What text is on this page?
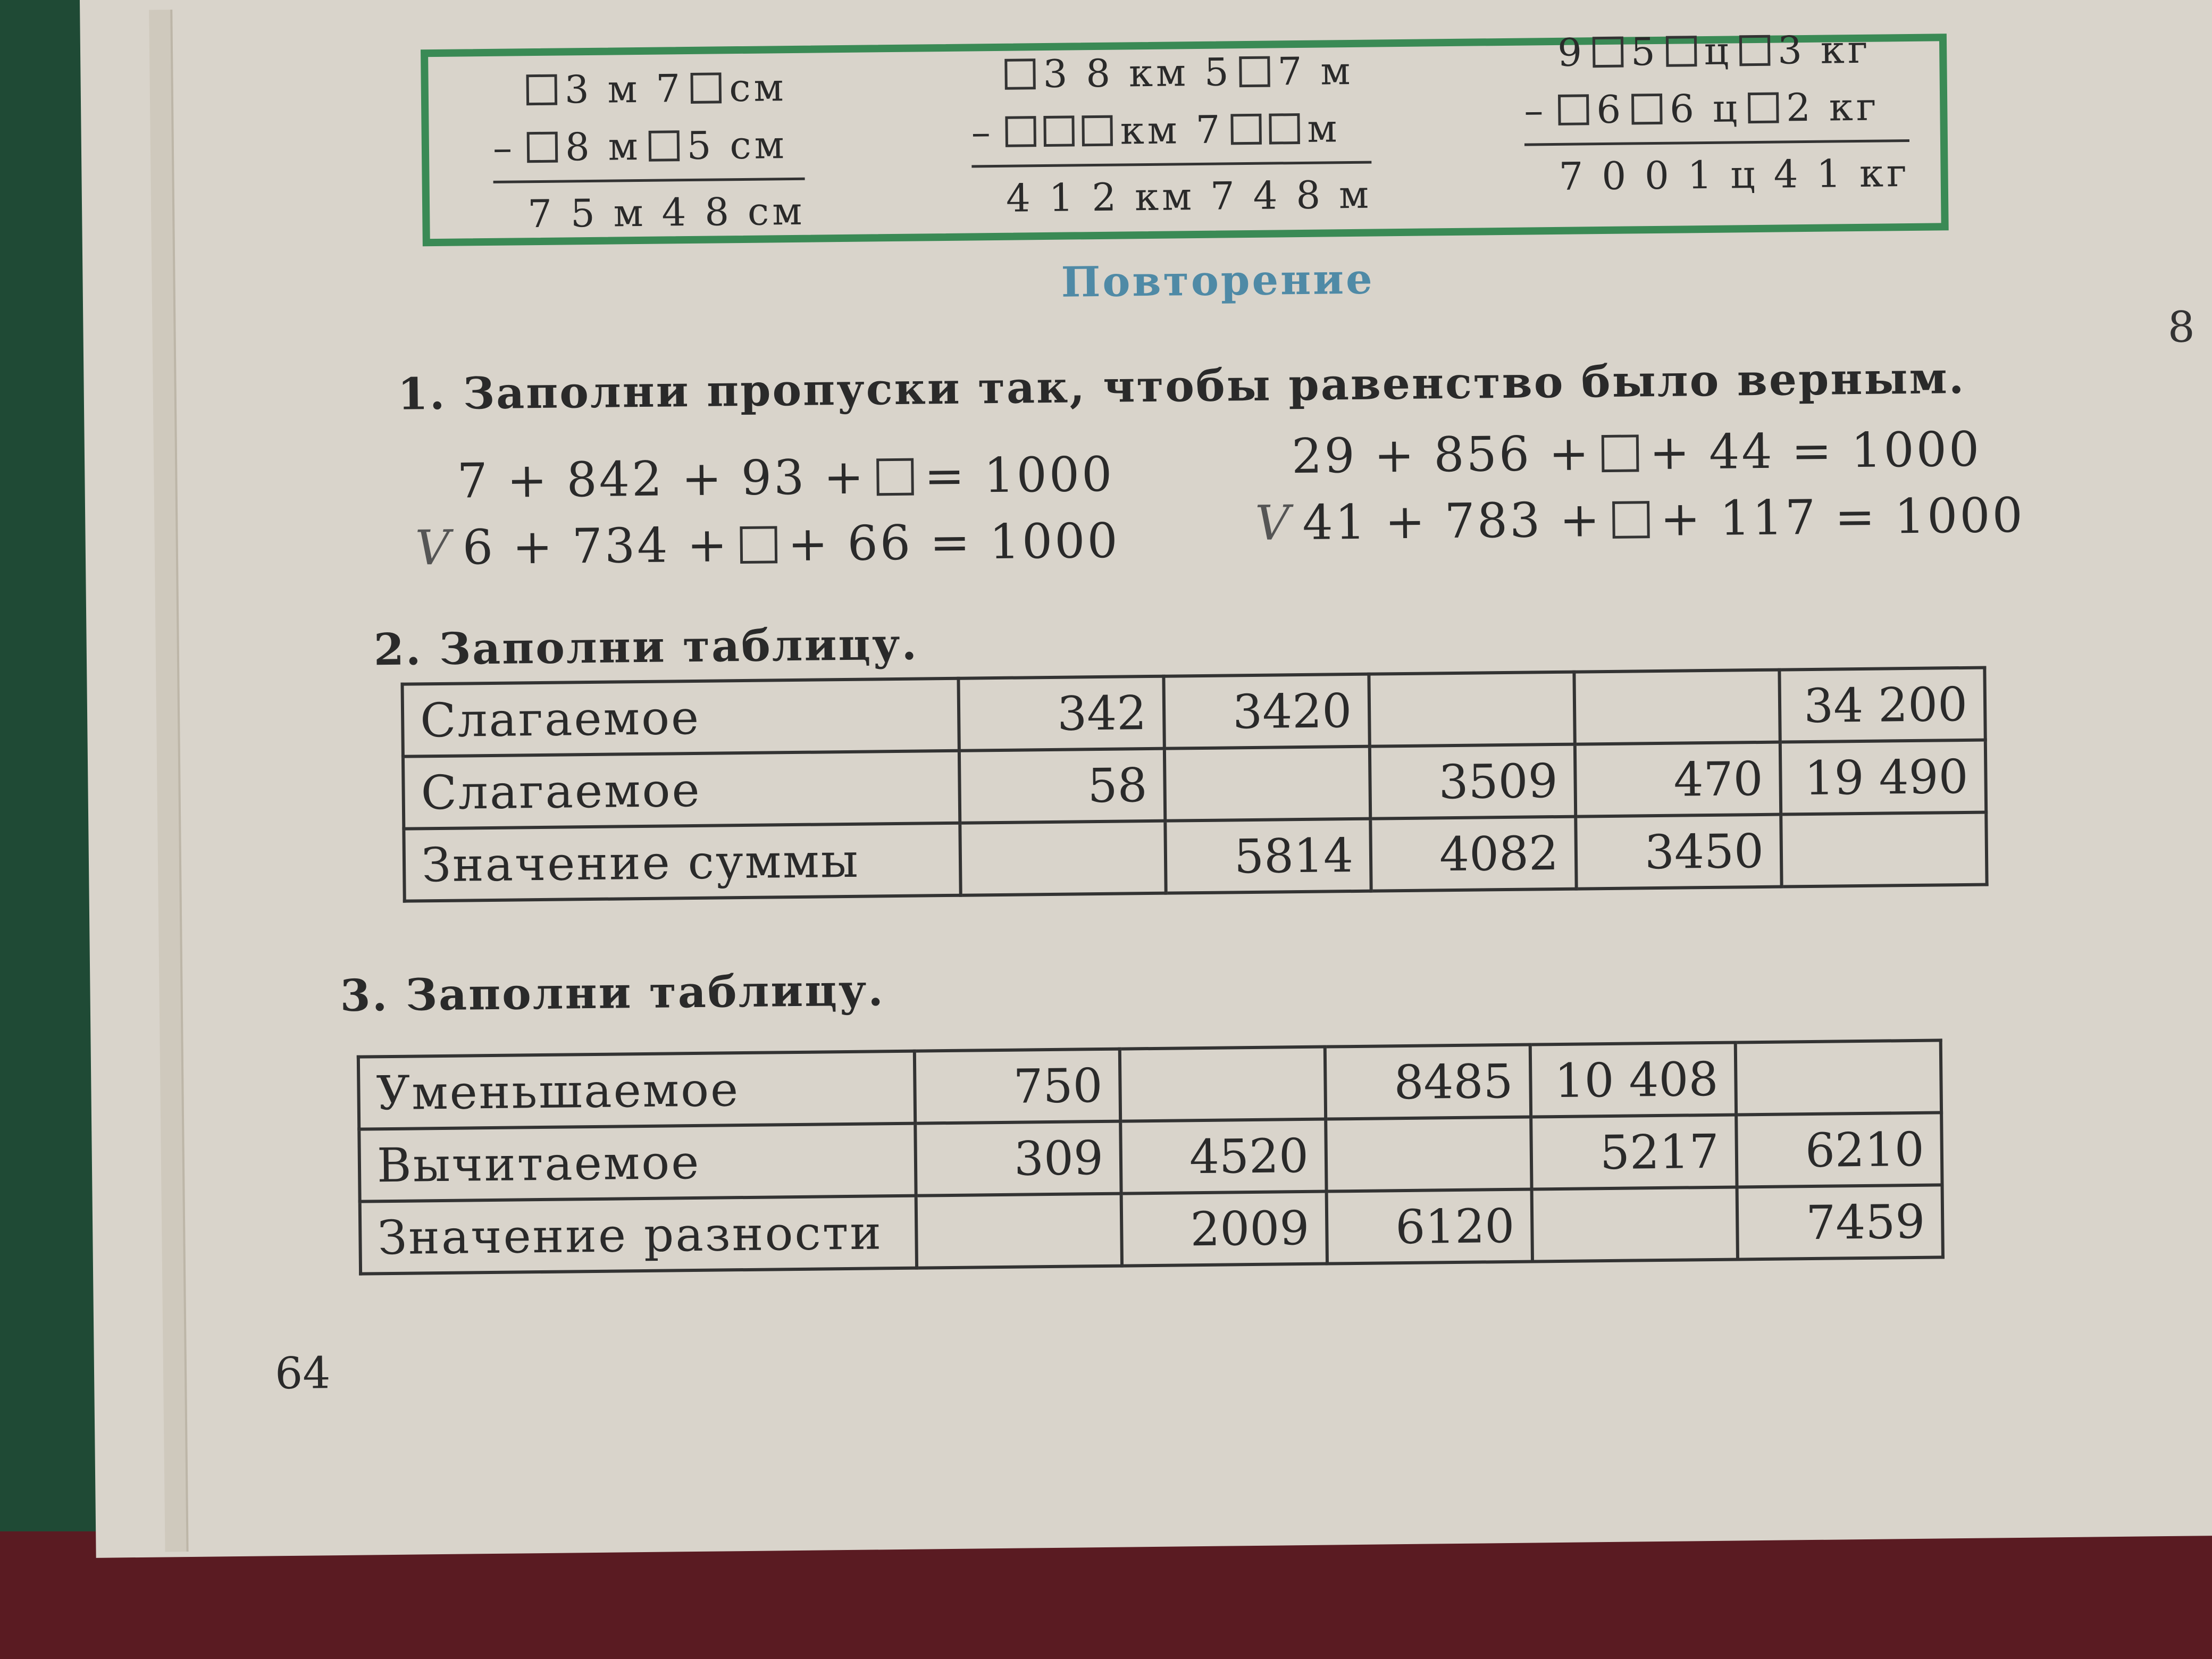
3 м 7 см
– 8 м 5 см
7 5 м 4 8 см
3 8 км 5 7 м
–	км 7 м
4 1 2 км 7 4 8 м
9 5 ц 3 кг
– 6 6 ц 2 кг
7 0 0 1 ц 4 1 кг
Повторение
8
1. Заполни пропуски так, чтобы равенство было верным.
7 + 842 + 93 + = 1000
V 6 + 734 + + 66 = 1000
29 + 856 + + 44 = 1000
V 41 + 783 + + 117 = 1000
2. Заполни таблицу.
Слагаемое	342	3420			34 200
Слагаемое	58		3509	470	19 490
Значение суммы		5814	4082	3450	
3. Заполни таблицу.
Уменьшаемое	750		8485	10 408	
Вычитаемое	309	4520		5217	6210
Значение разности		2009	6120		7459
64
